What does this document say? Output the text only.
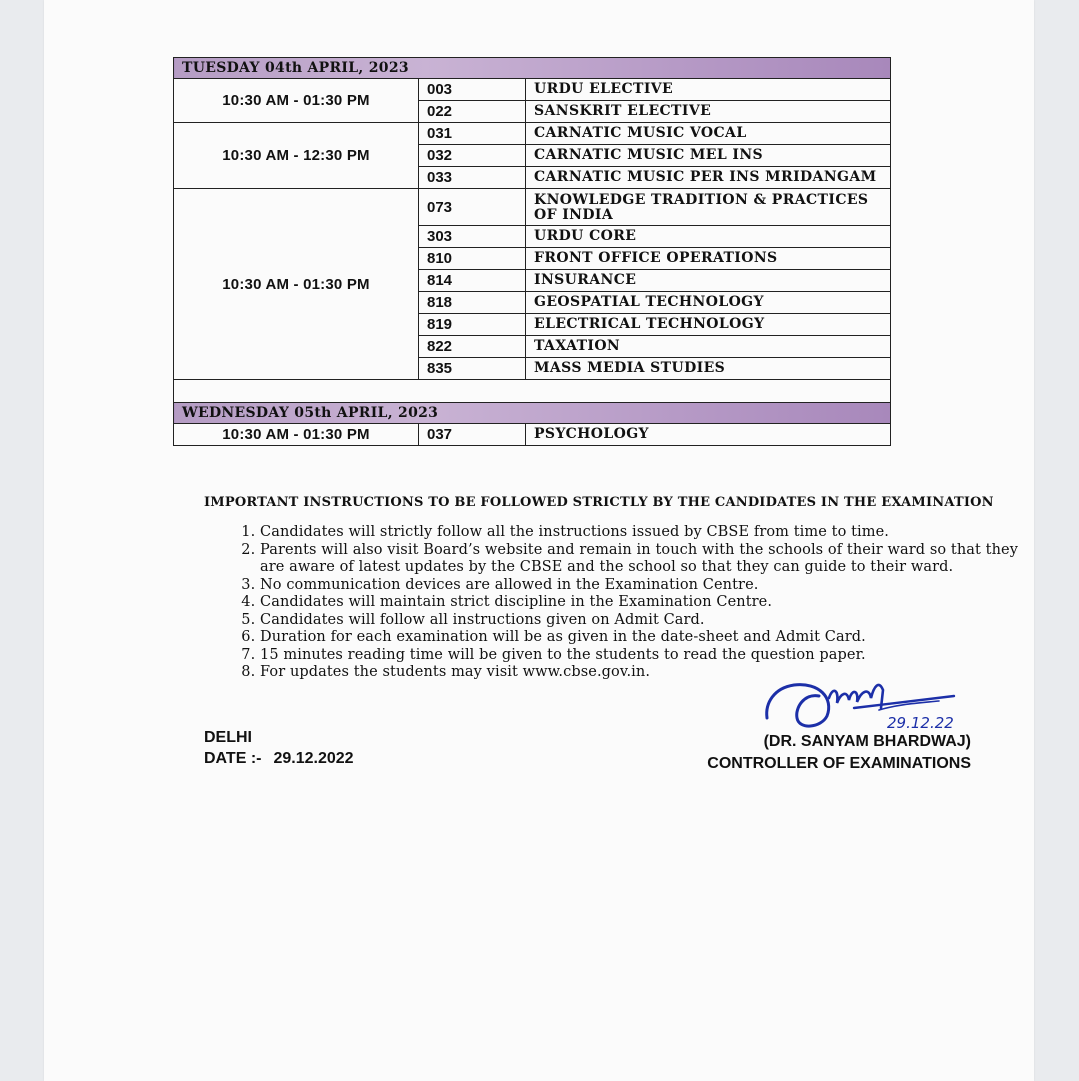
TUESDAY 04th APRIL, 2023		
10:30 AM - 01:30 PM	003	URDU ELECTIVE
	022	SANSKRIT ELECTIVE
10:30 AM - 12:30 PM	031	CARNATIC MUSIC VOCAL
	032	CARNATIC MUSIC MEL INS
	033	CARNATIC MUSIC PER INS MRIDANGAM
10:30 AM - 01:30 PM	073	KNOWLEDGE TRADITION & PRACTICES OF INDIA
	303	URDU CORE
	810	FRONT OFFICE OPERATIONS
	814	INSURANCE
	818	GEOSPATIAL TECHNOLOGY
	819	ELECTRICAL TECHNOLOGY
	822	TAXATION
	835	MASS MEDIA STUDIES

WEDNESDAY 05th APRIL, 2023		
10:30 AM - 01:30 PM	037	PSYCHOLOGY
IMPORTANT INSTRUCTIONS TO BE FOLLOWED STRICTLY BY THE CANDIDATES IN THE EXAMINATION
1. Candidates will strictly follow all the instructions issued by CBSE from time to time.
2. Parents will also visit Board’s website and remain in touch with the schools of their ward so that they are aware of latest updates by the CBSE and the school so that they can guide to their ward.
3. No communication devices are allowed in the Examination Centre.
4. Candidates will maintain strict discipline in the Examination Centre.
5. Candidates will follow all instructions given on Admit Card.
6. Duration for each examination will be as given in the date-sheet and Admit Card.
7. 15 minutes reading time will be given to the students to read the question paper.
8. For updates the students may visit www.cbse.gov.in.
DELHI
DATE :- 29.12.2022
29.12.22
(DR. SANYAM BHARDWAJ)
CONTROLLER OF EXAMINATIONS
